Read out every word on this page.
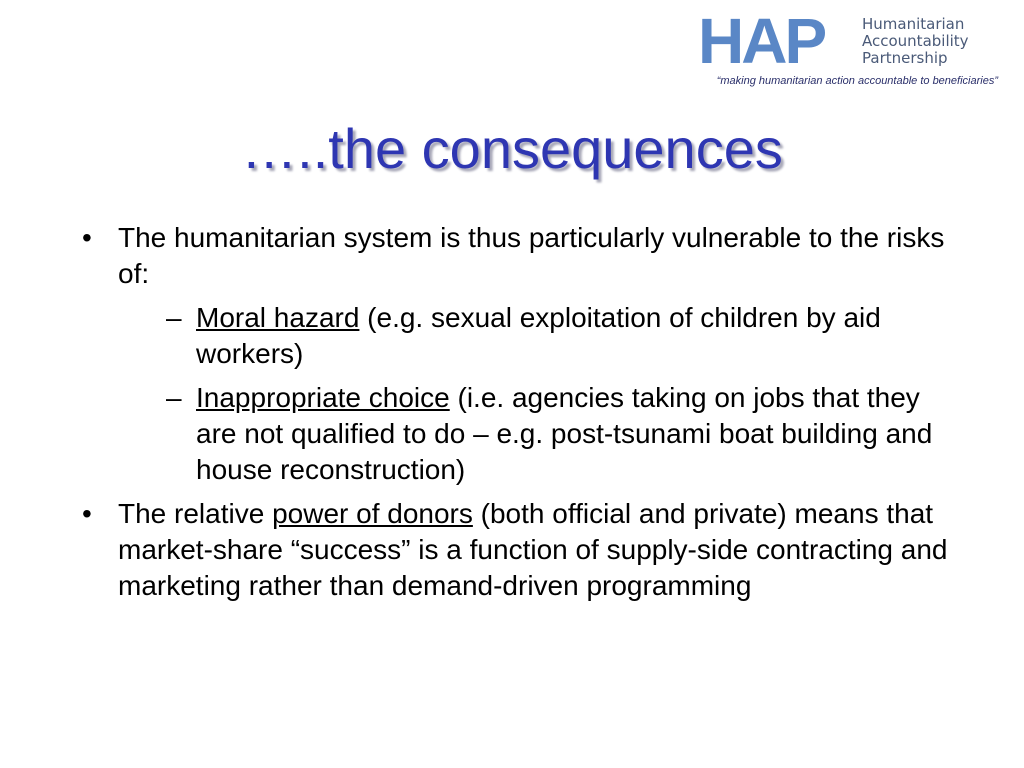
HAP	Humanitarian
Accountability
Partnership
“making humanitarian action accountable to beneficiaries”
…..the consequences
• The humanitarian system is thus particularly vulnerable to the risks of:
– Moral hazard (e.g. sexual exploitation of children by aid workers)
– Inappropriate choice (i.e. agencies taking on jobs that they are not qualified to do – e.g. post-tsunami boat building and house reconstruction)
• The relative power of donors (both official and private) means that market-share “success” is a function of supply-side contracting and marketing rather than demand-driven programming
